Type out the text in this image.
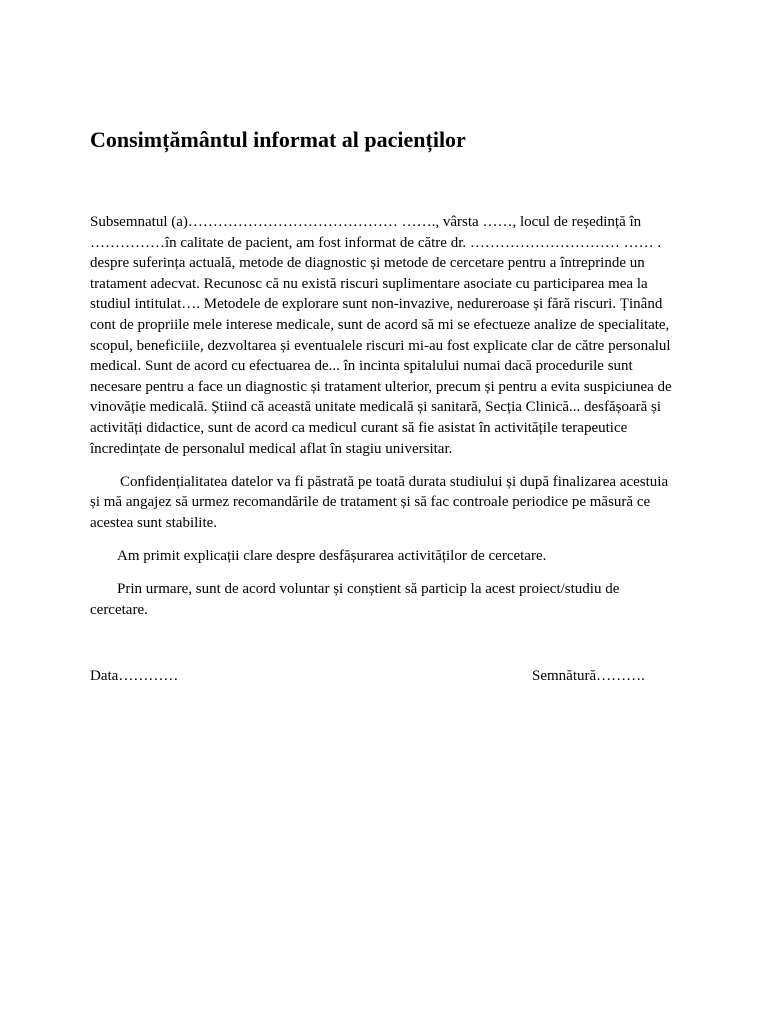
Consimțământul informat al pacienților

Subsemnatul (a)…………………………………… ……., vârsta ……, locul de reședință în ……………în calitate de pacient, am fost informat de către dr. ………………………… …… . despre suferința actuală, metode de diagnostic și metode de cercetare pentru a întreprinde un tratament adecvat. Recunosc că nu există riscuri suplimentare asociate cu participarea mea la studiul intitulat…. Metodele de explorare sunt non-invazive, nedureroase și fără riscuri. Ținând cont de propriile mele interese medicale, sunt de acord să mi se efectueze analize de specialitate, scopul, beneficiile, dezvoltarea și eventualele riscuri mi-au fost explicate clar de către personalul medical. Sunt de acord cu efectuarea de... în incinta spitalului numai dacă procedurile sunt necesare pentru a face un diagnostic și tratament ulterior, precum și pentru a evita suspiciunea de vinovăție medicală. Știind că această unitate medicală și sanitară, Secția Clinică... desfășoară și activități didactice, sunt de acord ca medicul curant să fie asistat în activitățile terapeutice încredințate de personalul medical aflat în stagiu universitar.

Confidențialitatea datelor va fi păstrată pe toată durata studiului și după finalizarea acestuia și mă angajez să urmez recomandările de tratament și să fac controale periodice pe măsură ce acestea sunt stabilite.

Am primit explicații clare despre desfășurarea activităților de cercetare.

Prin urmare, sunt de acord voluntar și conștient să particip la acest proiect/studiu de cercetare.

Data…………	Semnătură……….
